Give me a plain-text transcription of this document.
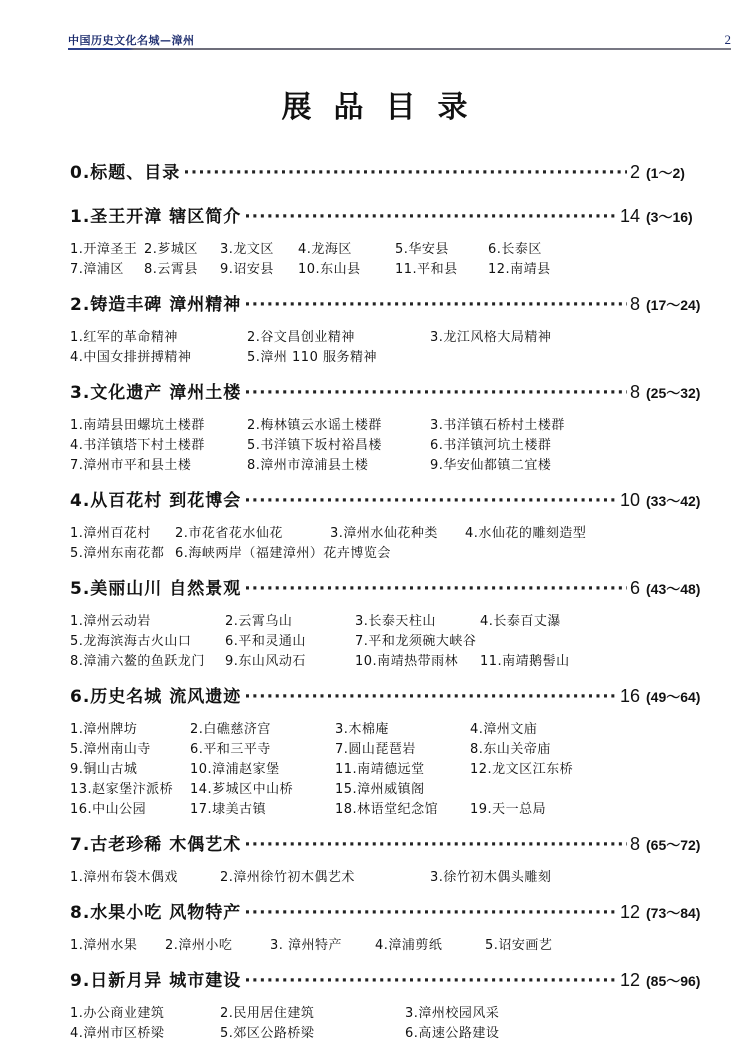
中国历史文化名城—漳州	2
展品目录
0.标题、目录 ·····	2 (1～2)
1.圣王开漳 辖区简介 ·····	14 (3～16)
1.开漳圣王 2.芗城区 3.龙文区 4.龙海区	5.华安县	6.长泰区
7.漳浦区 8.云霄县 9.诏安县 10.东山县	11.平和县 12.南靖县
2.铸造丰碑 漳州精神 ·····	8 (17～24)
1.红军的革命精神	2.谷文昌创业精神	3.龙江风格大局精神
4.中国女排拼搏精神	5.漳州 110 服务精神
3.文化遗产 漳州土楼 ·····	8 (25～32)
1.南靖县田螺坑土楼群	2.梅林镇云水谣土楼群	3.书洋镇石桥村土楼群
4.书洋镇塔下村土楼群	5.书洋镇下坂村裕昌楼	6.书洋镇河坑土楼群
7.漳州市平和县土楼	8.漳州市漳浦县土楼	9.华安仙都镇二宜楼
4.从百花村 到花博会 ·····	10 (33～42)
1.漳州百花村 2.市花省花水仙花	3.漳州水仙花种类 4.水仙花的雕刻造型
5.漳州东南花都 6.海峡两岸（福建漳州）花卉博览会
5.美丽山川 自然景观 ·····	6 (43～48)
1.漳州云动岩	2.云霄乌山	3.长泰天柱山	4.长泰百丈瀑
5.龙海滨海古火山口	6.平和灵通山	7.平和龙须碗大峡谷
8.漳浦六鳌的鱼跃龙门 9.东山风动石	10.南靖热带雨林 11.南靖鹅髻山
6.历史名城 流风遗迹 ·····	16 (49～64)
1.漳州牌坊	2.白礁慈济宫	3.木棉庵	4.漳州文庙
5.漳州南山寺	6.平和三平寺	7.圆山琵琶岩	8.东山关帝庙
9.铜山古城	10.漳浦赵家堡	11.南靖德远堂	12.龙文区江东桥
13.赵家堡汴派桥 14.芗城区中山桥	15.漳州威镇阁
16.中山公园	17.埭美古镇	18.林语堂纪念馆 19.天一总局
7.古老珍稀 木偶艺术 ·····	8 (65～72)
1.漳州布袋木偶戏	2.漳州徐竹初木偶艺术	3.徐竹初木偶头雕刻
8.水果小吃 风物特产 ·····	12 (73～84)
1.漳州水果 2.漳州小吃	3. 漳州特产	4.漳浦剪纸	5.诏安画艺
9.日新月异 城市建设 ·····	12 (85～96)
1.办公商业建筑	2.民用居住建筑	3.漳州校园风采
4.漳州市区桥梁	5.郊区公路桥梁	6.高速公路建设
